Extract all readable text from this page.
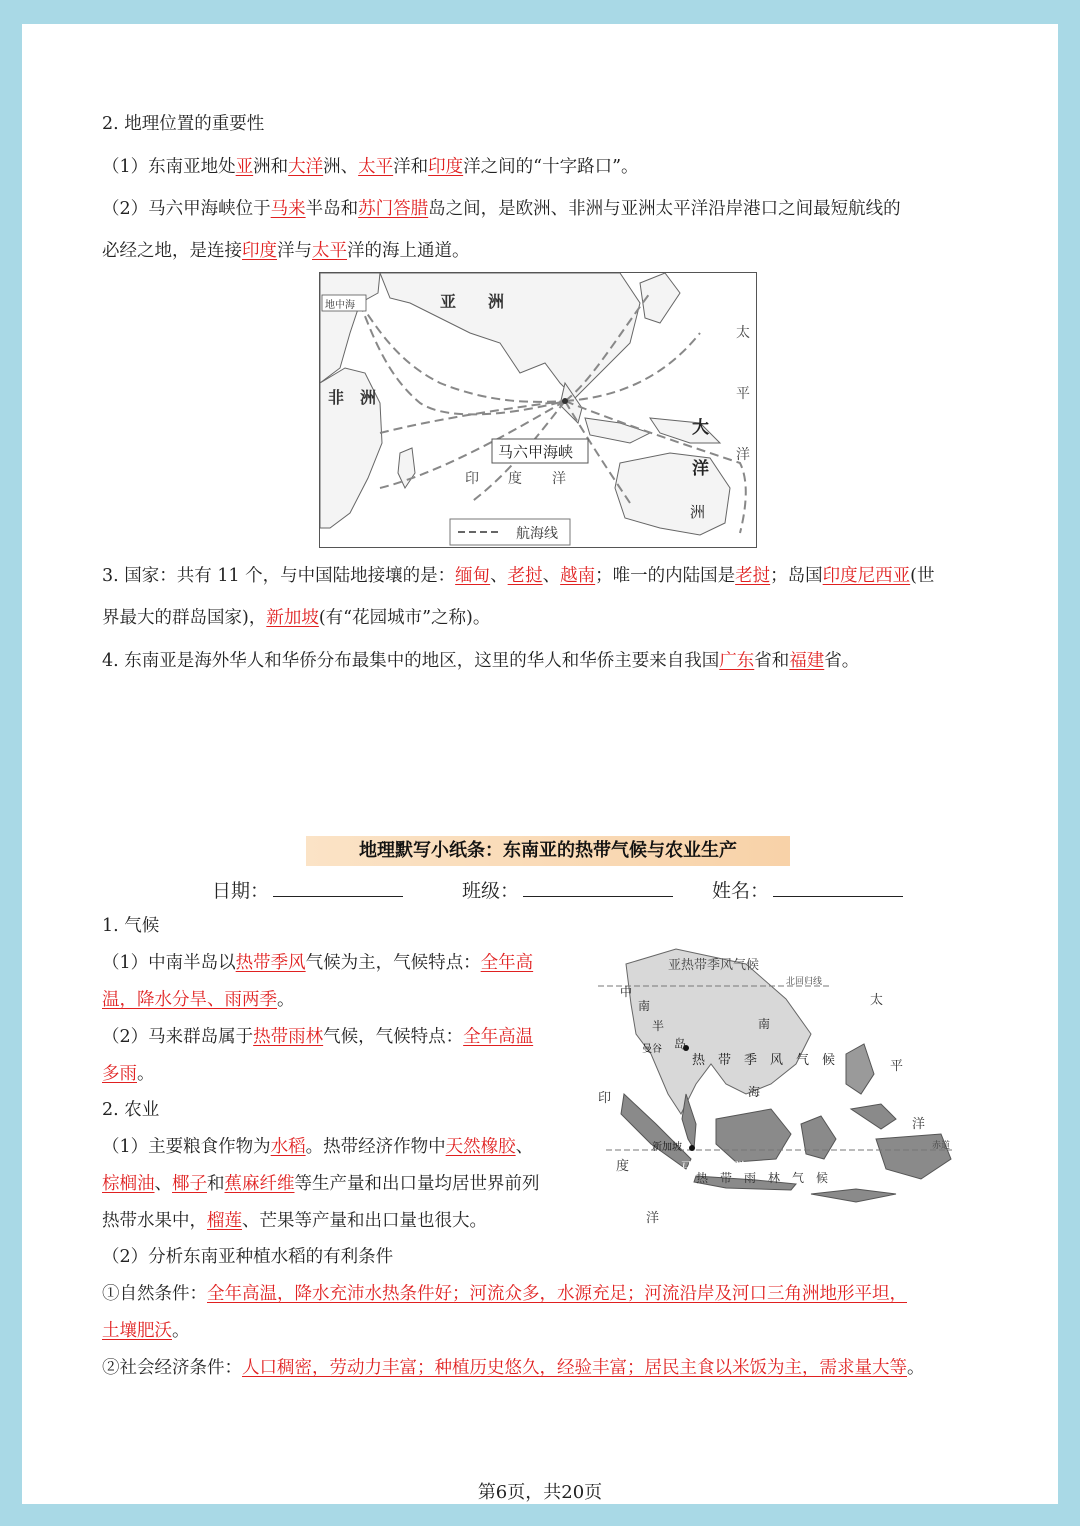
2. 地理位置的重要性
（1）东南亚地处亚洲和大洋洲、太平洋和印度洋之间的“十字路口”。
（2）马六甲海峡位于马来半岛和苏门答腊岛之间，是欧洲、非洲与亚洲太平洋沿岸港口之间最短航线的
必经之地，是连接印度洋与太平洋的海上通道。
亚　　洲
非　洲
太
平
洋
大
洋
洲
印 度 洋
马六甲海峡
地中海
航海线
3. 国家：共有 11 个，与中国陆地接壤的是：缅甸、老挝、越南；唯一的内陆国是老挝；岛国印度尼西亚(世
界最大的群岛国家)，新加坡(有“花园城市”之称)。
4. 东南亚是海外华人和华侨分布最集中的地区，这里的华人和华侨主要来自我国广东省和福建省。
地理默写小纸条：东南亚的热带气候与农业生产
日期：	班级：	姓名：
1. 气候
（1）中南半岛以热带季风气候为主，气候特点：全年高
温，降水分旱、雨两季。
（2）马来群岛属于热带雨林气候，气候特点：全年高温
多雨。
2. 农业
（1）主要粮食作物为水稻。热带经济作物中天然橡胶、
棕榈油、椰子和蕉麻纤维等生产量和出口量均居世界前列
热带水果中，榴莲、芒果等产量和出口量也很大。
（2）分析东南亚种植水稻的有利条件
①自然条件：全年高温，降水充沛水热条件好；河流众多，水源充足；河流沿岸及河口三角洲地形平坦，
土壤肥沃。
②社会经济条件：人口稠密，劳动力丰富；种植历史悠久，经验丰富；居民主食以米饭为主，需求量大等。
亚热带季风气候
北回归线
赤道
中
南
半
岛
热　带　季　风　气　候
曼谷
新加坡
南
海
马　来　群　岛
热　带　雨　林　气　候
太
平
洋
印
度
洋
第6页，共20页
